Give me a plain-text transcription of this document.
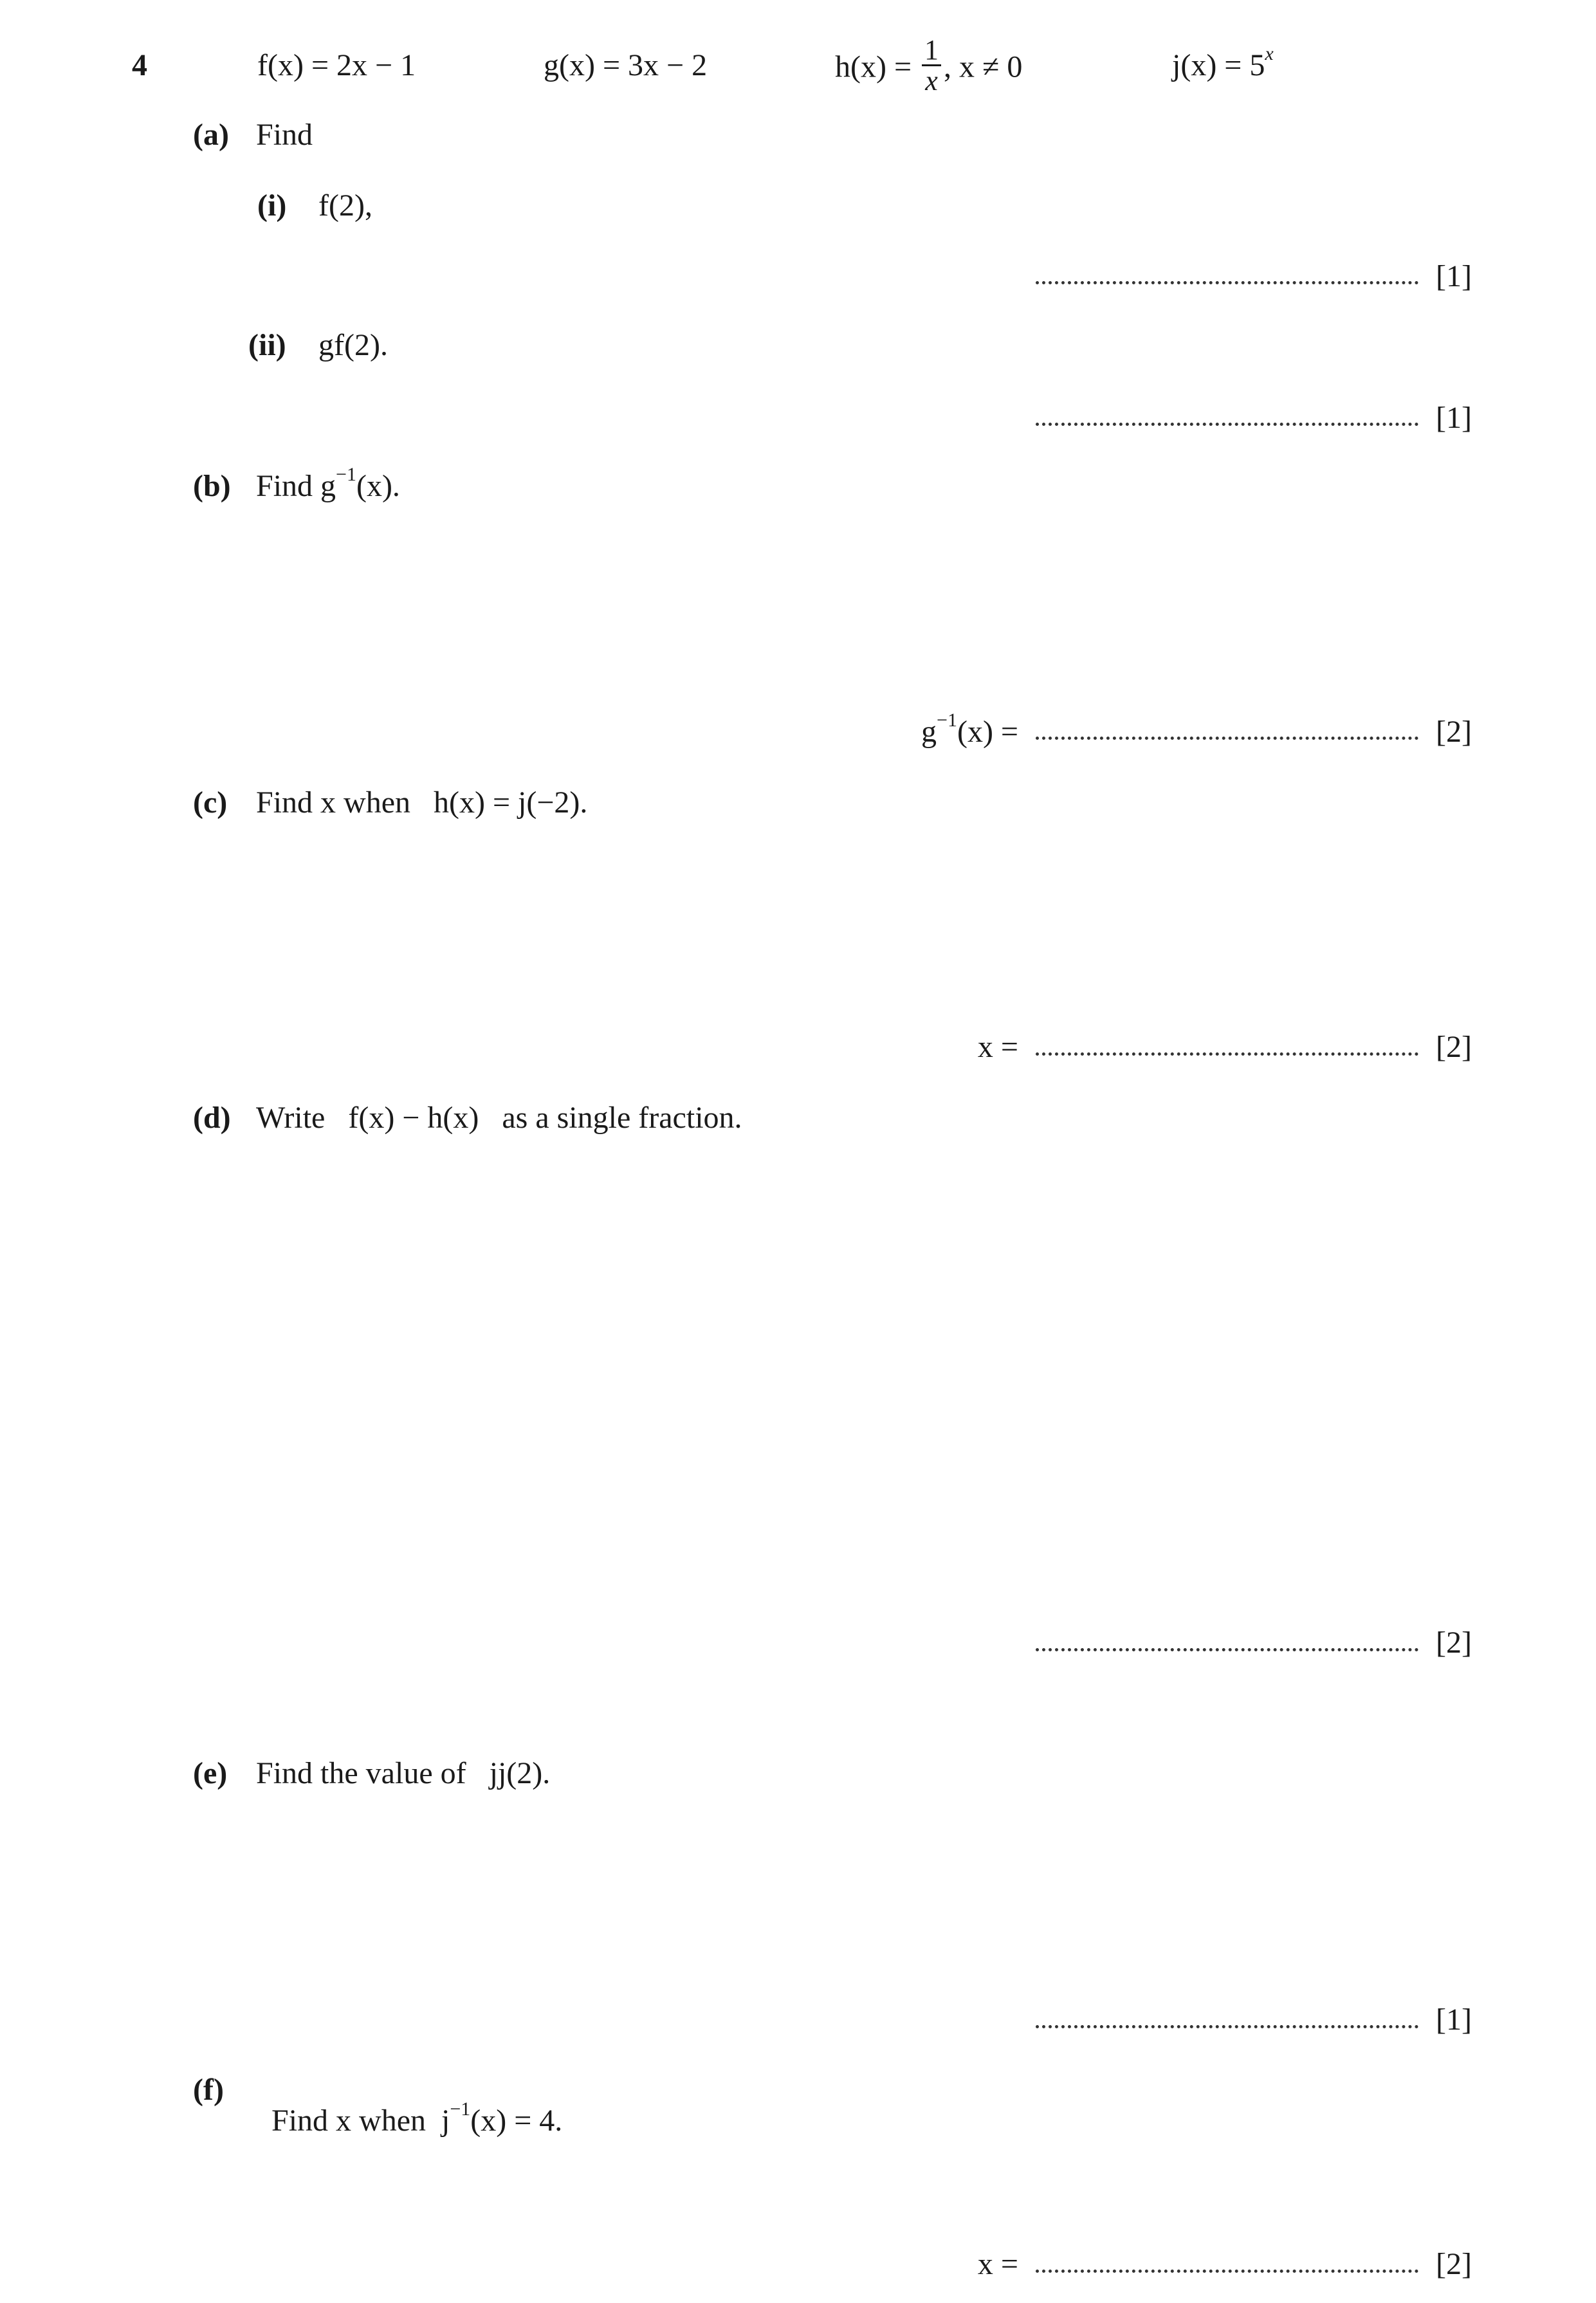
4	f(x) = 2x − 1	g(x) = 3x − 2	$h(x) = \frac{1}{x}$ , x ≠ 0	$j(x) = 5^x$
(a) Find
(i) f(2),
[1]
(ii) gf(2).
[1]
(b) Find $g^{-1}(x)$.
$g^{-1}(x)$ =	[2]
(c) Find x when   h(x) = j(−2).
x =	[2]
(d) Write   f(x) − h(x)   as a single fraction.
[2]
(e) Find the value of   jj(2).
[1]
(f)

Find x when  $j^{-1}(x) = 4$.

x =	[2]
